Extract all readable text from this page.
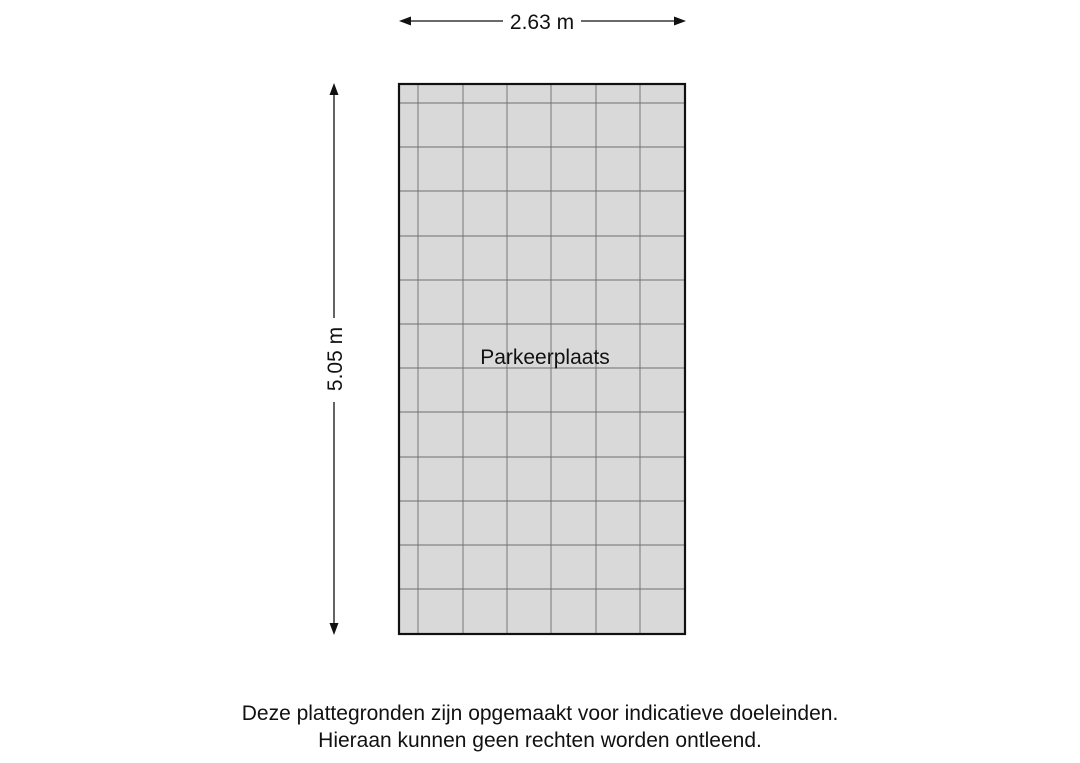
2.63 m
5.05 m	Parkeerplaats
Deze plattegronden zijn opgemaakt voor indicatieve doeleinden.
Hieraan kunnen geen rechten worden ontleend.
